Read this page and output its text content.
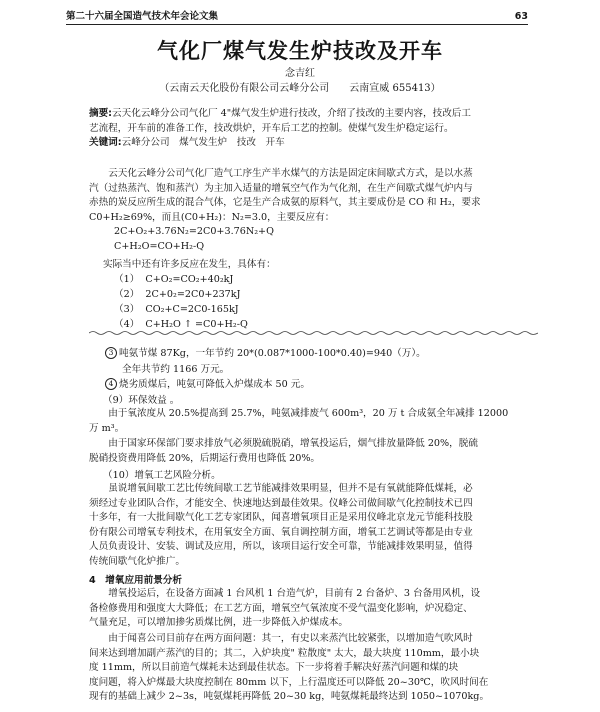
第二十六届全国造气技术年会论文集	63
气化厂煤气发生炉技改及开车
念吉红
（云南云天化股份有限公司云峰分公司　　云南宣威 655413）
摘要:云天化云峰分公司气化厂 4"煤气发生炉进行技改，介绍了技改的主要内容，技改后工
艺流程，开车前的准备工作，技改烘炉，开车后工艺的控制。使煤气发生炉稳定运行。
关键词:云峰分公司　煤气发生炉　技改　开车
云天化云峰分公司气化厂造气工序生产半水煤气的方法是固定床间歇式方式，是以水蒸
汽（过热蒸汽、饱和蒸汽）为主加入适量的增氧空气作为气化剂，在生产间歇式煤气炉内与
赤热的炭反应所生成的混合气体，它是生产合成氨的原料气，其主要成份是 CO 和 H₂，要求
C0+H₂≥69%，而且(C0+H₂)：N₂=3.0，主要反应有：
2C+O₂+3.76N₂=2C0+3.76N₂+Q
C+H₂O=CO+H₂-Q
实际当中还有许多反应在发生，具体有：
（1） C+O₂=CO₂+40₂kJ
（2） 2C+0₂=2C0+237kJ
（3） CO₂+C=2C0-165kJ
（4） C+H₂O ↑ =C0+H₂-Q
3 吨氨节煤 87Kg，一年节约 20*(0.087*1000-100*0.40)=940（万）。
全年共节约 1166 万元。
4 烧劣质煤后，吨氨可降低入炉煤成本 50 元。
（9）环保效益 。
由于氧浓度从 20.5%提高到 25.7%，吨氨减排废气 600m³，20 万 t 合成氨全年减排 12000
万 m³。
由于国家环保部门要求排放气必须脱硫脱硝，增氧投运后，烟气排放量降低 20%，脱硫
脱硝投资费用降低 20%，后期运行费用也降低 20%。
（10）增氧工艺风险分析。
虽说增氧间歇工艺比传统间歇工艺节能减排效果明显，但并不是有氧就能降低煤耗，必
须经过专业团队合作，才能安全、快速地达到最佳效果。仪峰公司做间歇气化控制技术已四
十多年，有一大批间歇气化工艺专家团队，闻喜增氧项目正是采用仪峰北京龙元节能科技股
份有限公司增氧专利技术，在用氧安全方面、氧自调控制方面，增氧工艺调试等都是由专业
人员负责设计、安装、调试及应用，所以，该项目运行安全可靠，节能减排效果明显，值得
传统间歇气化炉推广。
4　增氧应用前景分析
增氧投运后，在设备方面减 1 台风机 1 台造气炉，目前有 2 台备炉、3 台备用风机，设
备检修费用和强度大大降低；在工艺方面，增氧空气氧浓度不受气温变化影响，炉况稳定、
气量充足，可以增加掺劣质煤比例，进一步降低入炉煤成本。
由于闻喜公司目前存在两方面问题：其一，有史以来蒸汽比较紧张，以增加造气吹风时
间来达到增加副产蒸汽的目的；其二，入炉块度" 粒散度" 太大，最大块度 110mm，最小块
度 11mm，所以目前造气煤耗未达到最佳状态。下一步将着手解决好蒸汽问题和煤的块
度问题，将入炉煤最大块度控制在 80mm 以下，上行温度还可以降低 20~30℃，吹风时间在
现有的基础上减少 2~3s，吨氨煤耗再降低 20~30 kg，吨氨煤耗最终达到 1050~1070kg。
